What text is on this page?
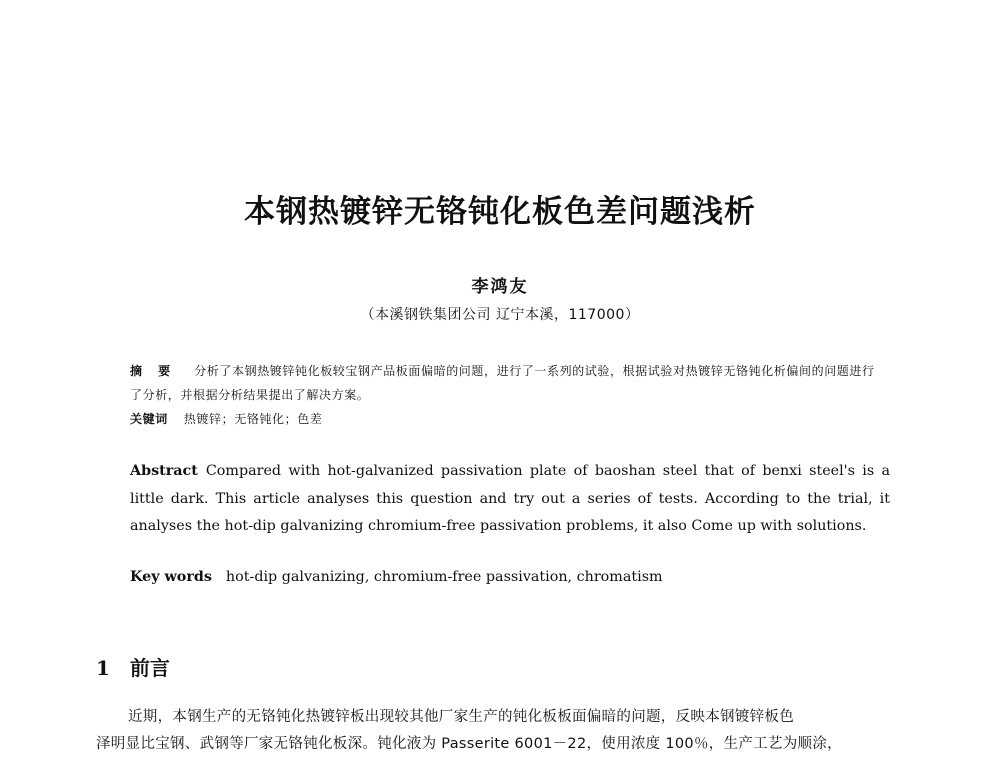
本钢热镀锌无铬钝化板色差问题浅析
李鸿友
（本溪钢铁集团公司 辽宁本溪，117000）
摘 要 分析了本钢热镀锌钝化板较宝钢产品板面偏暗的问题，进行了一系列的试验，根据试验对热镀锌无铬钝化析偏间的问题进行了分析，并根据分析结果提出了解决方案。
关键词 热镀锌；无铬钝化；色差
Abstract Compared with hot-galvanized passivation plate of baoshan steel that of benxi steel's is a little dark. This article analyses this question and try out a series of tests. According to the trial, it analyses the hot-dip galvanizing chromium-free passivation problems, it also Come up with solutions.
Key words hot-dip galvanizing, chromium-free passivation, chromatism
1 前言
近期，本钢生产的无铬钝化热镀锌板出现较其他厂家生产的钝化板板面偏暗的问题，反映本钢镀锌板色
泽明显比宝钢、武钢等厂家无铬钝化板深。钝化液为 Passerite 6001－22，使用浓度 100％，生产工艺为顺涂，
